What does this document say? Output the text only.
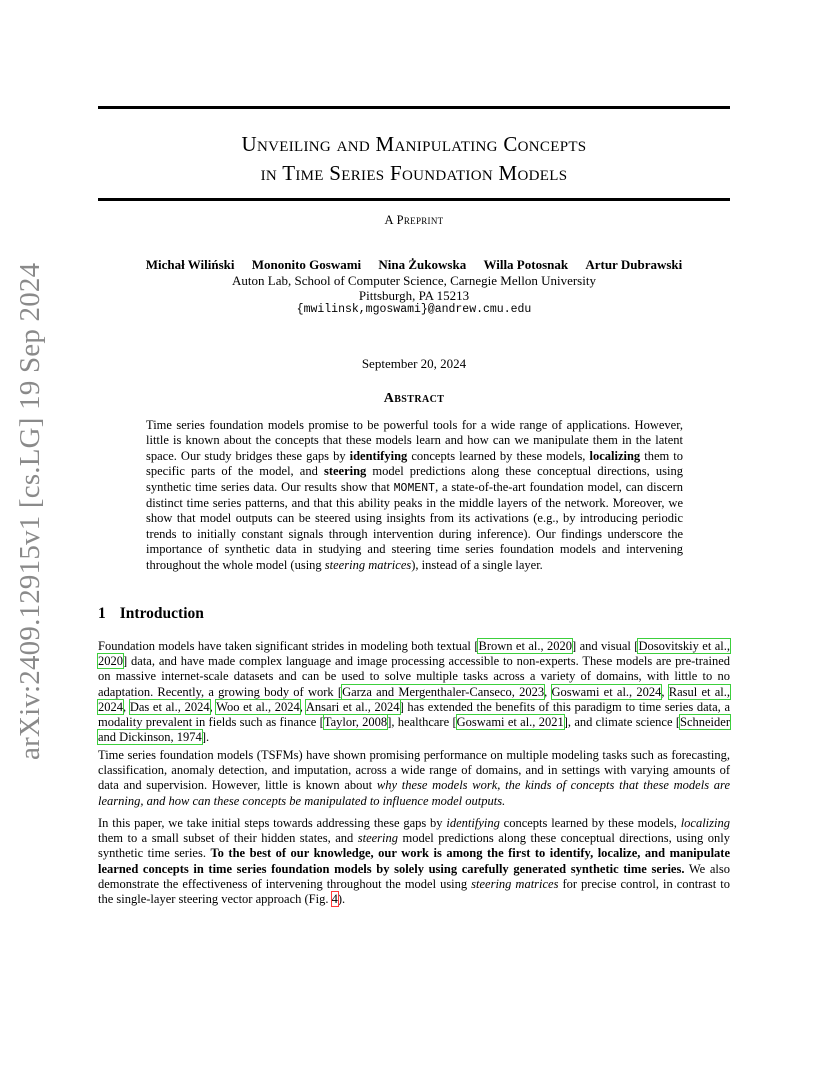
arXiv:2409.12915v1 [cs.LG] 19 Sep 2024
Unveiling and Manipulating Concepts
in Time Series Foundation Models
A Preprint
Michał Wiliński Mononito Goswami Nina Żukowska Willa Potosnak Artur Dubrawski
Auton Lab, School of Computer Science, Carnegie Mellon University
Pittsburgh, PA 15213
{mwilinsk,mgoswami}@andrew.cmu.edu
September 20, 2024
Abstract
Time series foundation models promise to be powerful tools for a wide range of applications. However, little is known about the concepts that these models learn and how can we manipulate them in the latent space. Our study bridges these gaps by identifying concepts learned by these models, localizing them to specific parts of the model, and steering model predictions along these conceptual directions, using synthetic time series data. Our results show that MOMENT, a state-of-the-art foundation model, can discern distinct time series patterns, and that this ability peaks in the middle layers of the network. Moreover, we show that model outputs can be steered using insights from its activations (e.g., by introducing periodic trends to initially constant signals through intervention during inference). Our findings underscore the importance of synthetic data in studying and steering time series foundation models and intervening throughout the whole model (using steering matrices), instead of a single layer.
1 Introduction
Foundation models have taken significant strides in modeling both textual [Brown et al., 2020] and visual [Dosovitskiy et al., 2020] data, and have made complex language and image processing accessible to non-experts. These models are pre-trained on massive internet-scale datasets and can be used to solve multiple tasks across a variety of domains, with little to no adaptation. Recently, a growing body of work [Garza and Mergenthaler-Canseco, 2023, Goswami et al., 2024, Rasul et al., 2024, Das et al., 2024, Woo et al., 2024, Ansari et al., 2024] has extended the benefits of this paradigm to time series data, a modality prevalent in fields such as finance [Taylor, 2008], healthcare [Goswami et al., 2021], and climate science [Schneider and Dickinson, 1974].
Time series foundation models (TSFMs) have shown promising performance on multiple modeling tasks such as forecasting, classification, anomaly detection, and imputation, across a wide range of domains, and in settings with varying amounts of data and supervision. However, little is known about why these models work, the kinds of concepts that these models are learning, and how can these concepts be manipulated to influence model outputs.
In this paper, we take initial steps towards addressing these gaps by identifying concepts learned by these models, localizing them to a small subset of their hidden states, and steering model predictions along these conceptual directions, using only synthetic time series. To the best of our knowledge, our work is among the first to identify, localize, and manipulate learned concepts in time series foundation models by solely using carefully generated synthetic time series. We also demonstrate the effectiveness of intervening throughout the model using steering matrices for precise control, in contrast to the single-layer steering vector approach (Fig. 4).
